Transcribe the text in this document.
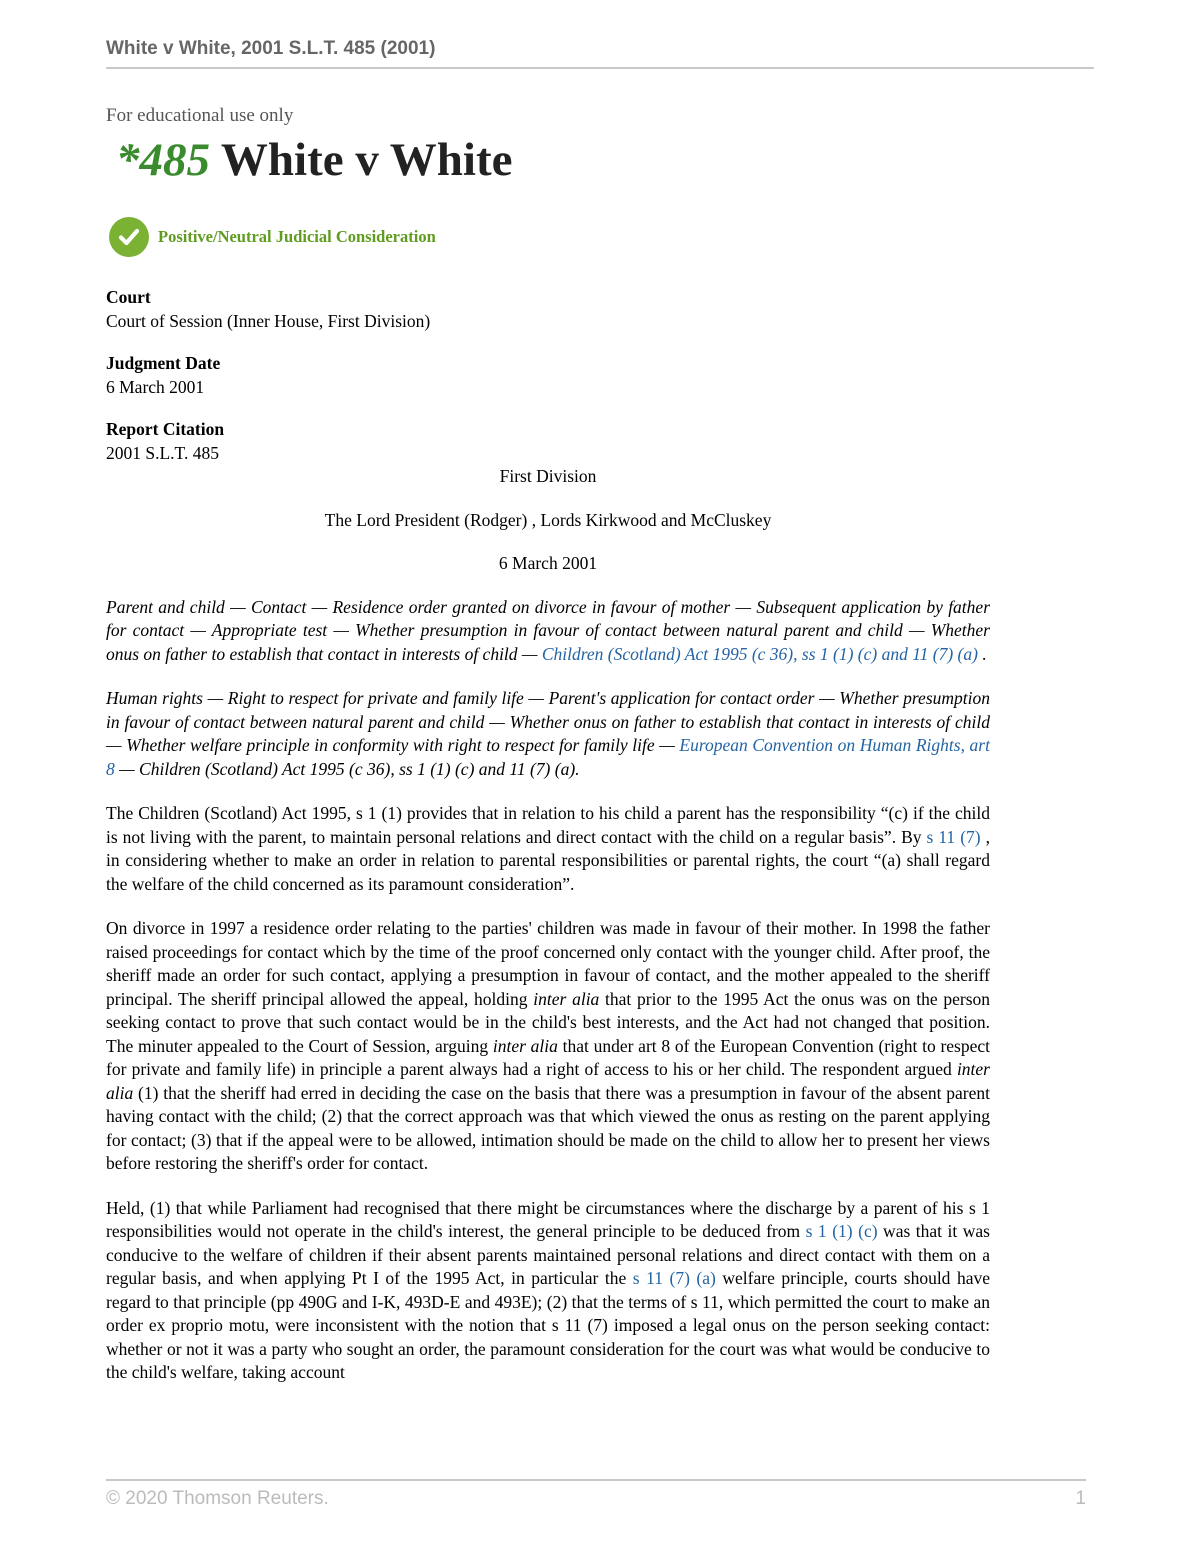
White v White, 2001 S.L.T. 485 (2001)
For educational use only
*485 White v White
Positive/Neutral Judicial Consideration
Court
Court of Session (Inner House, First Division)
Judgment Date
6 March 2001
Report Citation
2001 S.L.T. 485
First Division
The Lord President (Rodger) , Lords Kirkwood and McCluskey
6 March 2001

Parent and child — Contact — Residence order granted on divorce in favour of mother — Subsequent application by father for contact — Appropriate test — Whether presumption in favour of contact between natural parent and child — Whether onus on father to establish that contact in interests of child — Children (Scotland) Act 1995 (c 36), ss 1 (1) (c) and 11 (7) (a) .

Human rights — Right to respect for private and family life — Parent's application for contact order — Whether presumption in favour of contact between natural parent and child — Whether onus on father to establish that contact in interests of child — Whether welfare principle in conformity with right to respect for family life — European Convention on Human Rights, art 8 — Children (Scotland) Act 1995 (c 36), ss 1 (1) (c) and 11 (7) (a).

The Children (Scotland) Act 1995, s 1 (1) provides that in relation to his child a parent has the responsibility “(c) if the child is not living with the parent, to maintain personal relations and direct contact with the child on a regular basis”. By s 11 (7) , in considering whether to make an order in relation to parental responsibilities or parental rights, the court “(a) shall regard the welfare of the child concerned as its paramount consideration”.

On divorce in 1997 a residence order relating to the parties' children was made in favour of their mother. In 1998 the father raised proceedings for contact which by the time of the proof concerned only contact with the younger child. After proof, the sheriff made an order for such contact, applying a presumption in favour of contact, and the mother appealed to the sheriff principal. The sheriff principal allowed the appeal, holding inter alia that prior to the 1995 Act the onus was on the person seeking contact to prove that such contact would be in the child's best interests, and the Act had not changed that position. The minuter appealed to the Court of Session, arguing inter alia that under art 8 of the European Convention (right to respect for private and family life) in principle a parent always had a right of access to his or her child. The respondent argued inter alia (1) that the sheriff had erred in deciding the case on the basis that there was a presumption in favour of the absent parent having contact with the child; (2) that the correct approach was that which viewed the onus as resting on the parent applying for contact; (3) that if the appeal were to be allowed, intimation should be made on the child to allow her to present her views before restoring the sheriff's order for contact.

Held, (1) that while Parliament had recognised that there might be circumstances where the discharge by a parent of his s 1 responsibilities would not operate in the child's interest, the general principle to be deduced from s 1 (1) (c) was that it was conducive to the welfare of children if their absent parents maintained personal relations and direct contact with them on a regular basis, and when applying Pt I of the 1995 Act, in particular the s 11 (7) (a) welfare principle, courts should have regard to that principle (pp 490G and I-K, 493D-E and 493E); (2) that the terms of s 11, which permitted the court to make an order ex proprio motu, were inconsistent with the notion that s 11 (7) imposed a legal onus on the person seeking contact: whether or not it was a party who sought an order, the paramount consideration for the court was what would be conducive to the child's welfare, taking account

© 2020 Thomson Reuters.	1
